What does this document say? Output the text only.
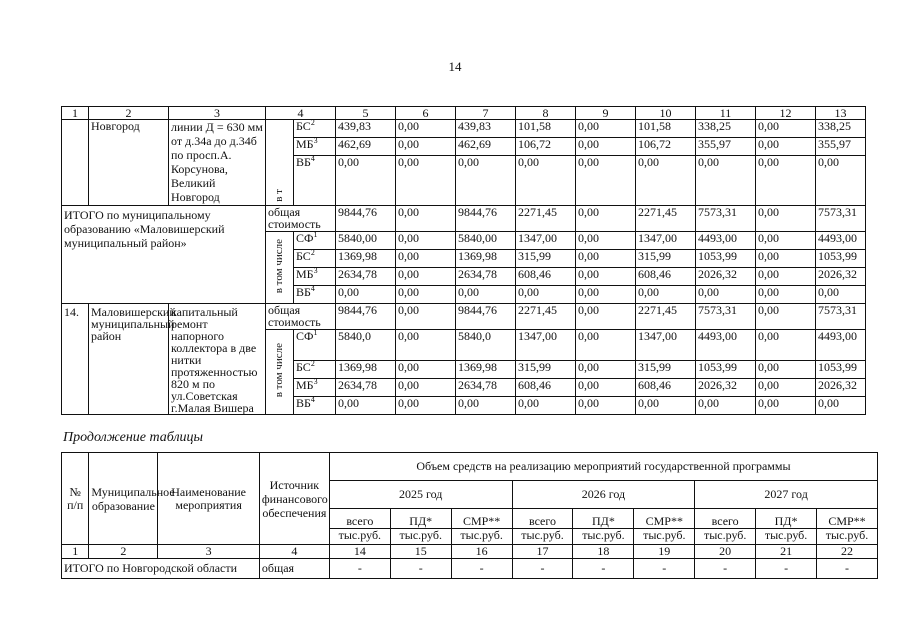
14
1	2	3	4		5	6	7	8	9	10	11	12	13
	Новгород	линии Д = 630 мм от д.34а до д.34б по просп.А. Корсунова, Великий Новгород	в т	$БС^2$	439,83	0,00	439,83	101,58	0,00	101,58	338,25	0,00	338,25
				$МБ^3$	462,69	0,00	462,69	106,72	0,00	106,72	355,97	0,00	355,97
				$ВБ^4$	0,00	0,00	0,00	0,00	0,00	0,00	0,00	0,00	0,00
ИТОГО по муниципальному образованию «Маловишерский муниципальный район»			общая стоимость		9844,76	0,00	9844,76	2271,45	0,00	2271,45	7573,31	0,00	7573,31
			в том числе	$СФ^1$	5840,00	0,00	5840,00	1347,00	0,00	1347,00	4493,00	0,00	4493,00
				$БС^2$	1369,98	0,00	1369,98	315,99	0,00	315,99	1053,99	0,00	1053,99
				$МБ^3$	2634,78	0,00	2634,78	608,46	0,00	608,46	2026,32	0,00	2026,32
				$ВБ^4$	0,00	0,00	0,00	0,00	0,00	0,00	0,00	0,00	0,00
14.	Маловишерский муниципальный район	капитальный ремонт напорного коллектора в две нитки протяженностью 820 м по ул.Советская г.Малая Вишера	общая стоимость		9844,76	0,00	9844,76	2271,45	0,00	2271,45	7573,31	0,00	7573,31
			в том числе	$СФ^1$	5840,0	0,00	5840,0	1347,00	0,00	1347,00	4493,00	0,00	4493,00
				$БС^2$	1369,98	0,00	1369,98	315,99	0,00	315,99	1053,99	0,00	1053,99
				$МБ^3$	2634,78	0,00	2634,78	608,46	0,00	608,46	2026,32	0,00	2026,32
				$ВБ^4$	0,00	0,00	0,00	0,00	0,00	0,00	0,00	0,00	0,00
Продолжение таблицы
№ п/п	Муниципальное образование	Наименование мероприятия	Источник финансового обеспечения	Объем средств на реализацию мероприятий государственной программы								
				2025 год			2026 год			2027 год		
				всего	ПД*	СМР**	всего	ПД*	СМР**	всего	ПД*	СМР**
				тыс.руб.	тыс.руб.	тыс.руб.	тыс.руб.	тыс.руб.	тыс.руб.	тыс.руб.	тыс.руб.	тыс.руб.
1	2	3	4	14	15	16	17	18	19	20	21	22
ИТОГО по Новгородской области			общая	-	-	-	-	-	-	-	-	-
